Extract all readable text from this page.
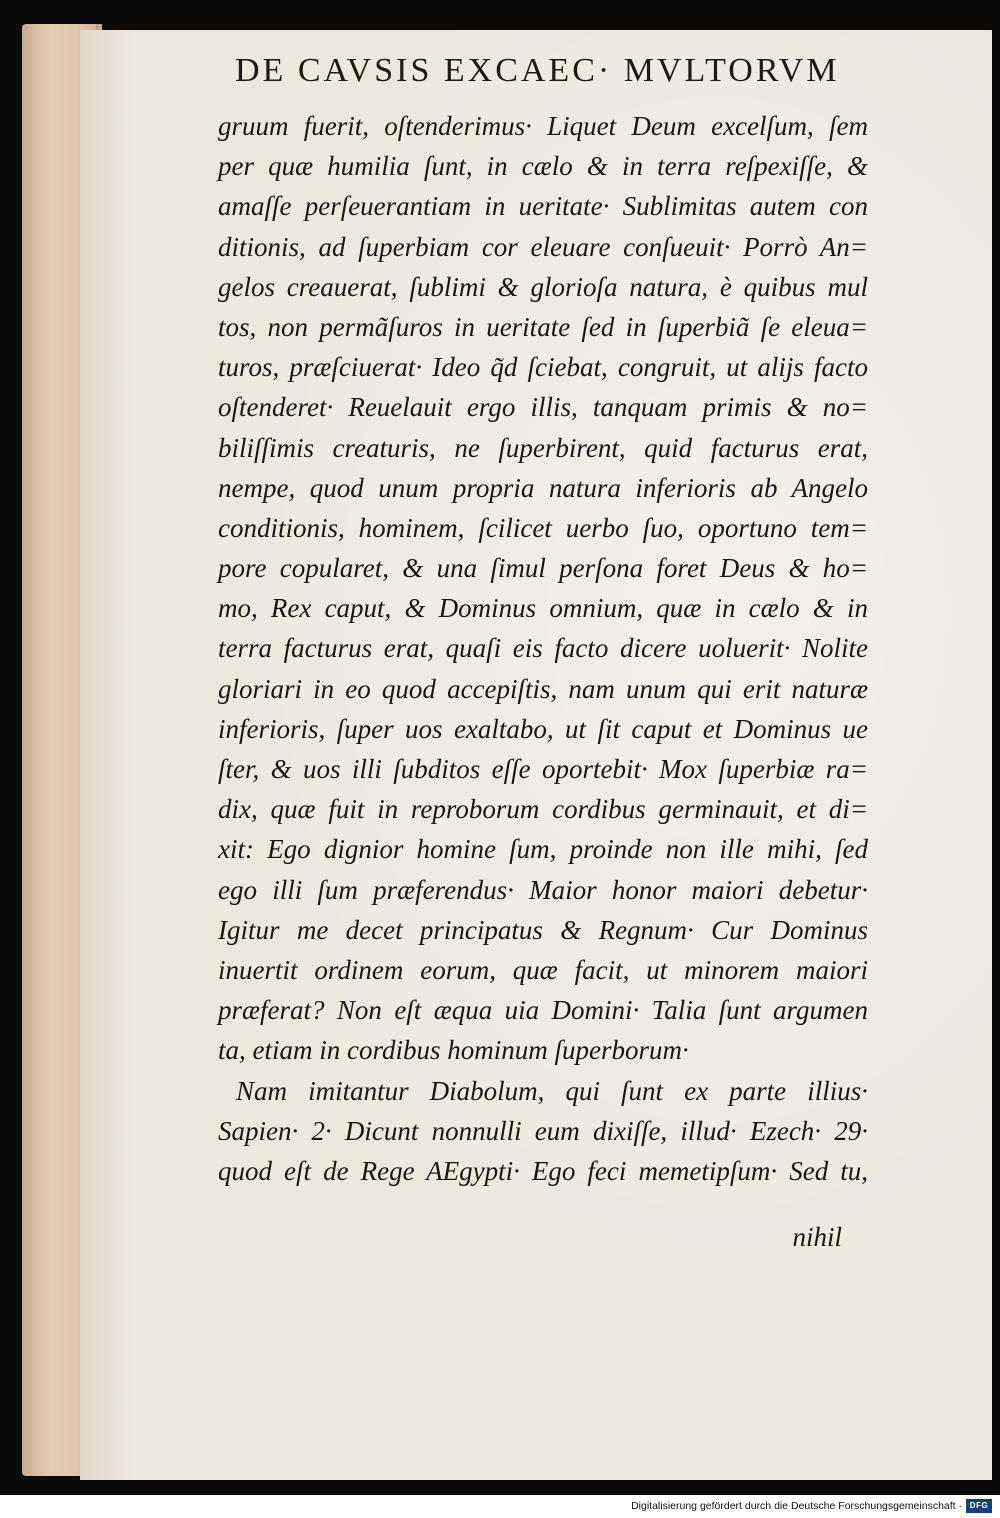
DE CAVSIS EXCAEC· MVLTORVM
gruum fuerit, oſtenderimus· Liquet Deum excelſum, ſem
per quæ humilia ſunt, in cælo & in terra reſpexiſſe, &
amaſſe perſeuerantiam in ueritate· Sublimitas autem con
ditionis, ad ſuperbiam cor eleuare conſueuit· Porrò An=
gelos creauerat, ſublimi & glorioſa natura, è quibus mul
tos, non permãſuros in ueritate ſed in ſuperbiã ſe eleua=
turos, præſciuerat· Ideo q̃d ſciebat, congruit, ut alijs facto
oſtenderet· Reuelauit ergo illis, tanquam primis & no=
biliſſimis creaturis, ne ſuperbirent, quid facturus erat,
nempe, quod unum propria natura inferioris ab Angelo
conditionis, hominem, ſcilicet uerbo ſuo, oportuno tem=
pore copularet, & una ſimul perſona foret Deus & ho=
mo, Rex caput, & Dominus omnium, quæ in cælo & in
terra facturus erat, quaſi eis facto dicere uoluerit· Nolite
gloriari in eo quod accepiſtis, nam unum qui erit naturæ
inferioris, ſuper uos exaltabo, ut ſit caput et Dominus ue
ſter, & uos illi ſubditos eſſe oportebit· Mox ſuperbiæ ra=
dix, quæ fuit in reproborum cordibus germinauit, et di=
xit: Ego dignior homine ſum, proinde non ille mihi, ſed
ego illi ſum præferendus· Maior honor maiori debetur·
Igitur me decet principatus & Regnum· Cur Dominus
inuertit ordinem eorum, quæ facit, ut minorem maiori
præferat? Non eſt æqua uia Domini· Talia ſunt argumen
ta, etiam in cordibus hominum ſuperborum·
Nam imitantur Diabolum, qui ſunt ex parte illius·
Sapien· 2· Dicunt nonnulli eum dixiſſe, illud· Ezech· 29·
quod eſt de Rege AEgypti· Ego feci memetipſum· Sed tu,
nihil
Digitalisierung gefördert durch die Deutsche Forschungsgemeinschaft · DFG
